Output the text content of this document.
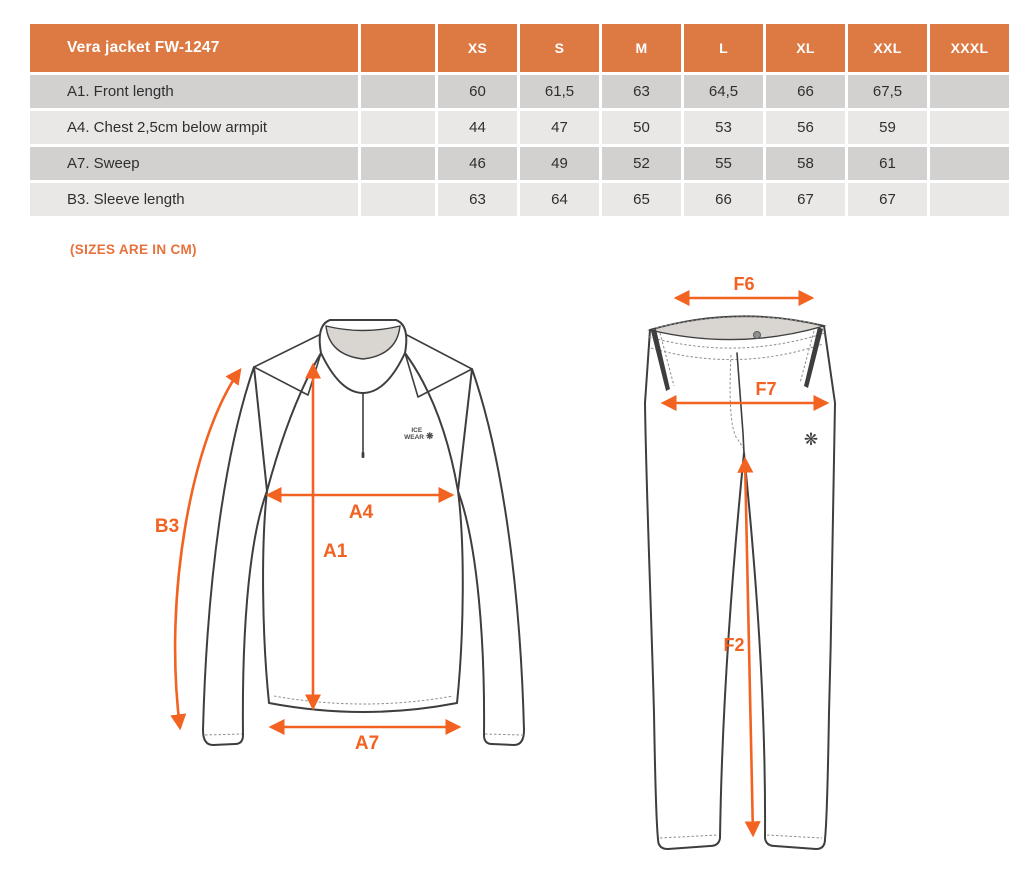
Vera jacket FW-1247		XS	S	M	L	XL	XXL	XXXL
A1. Front length		60	61,5	63	64,5	66	67,5	
A4. Chest 2,5cm below armpit		44	47	50	53	56	59	
A7. Sweep		46	49	52	55	58	61	
B3. Sleeve length		63	64	65	66	67	67	
(SIZES ARE IN CM)
ICE WEAR ❋
B3
A4
A1
A7
❋
F6
F7
F2
